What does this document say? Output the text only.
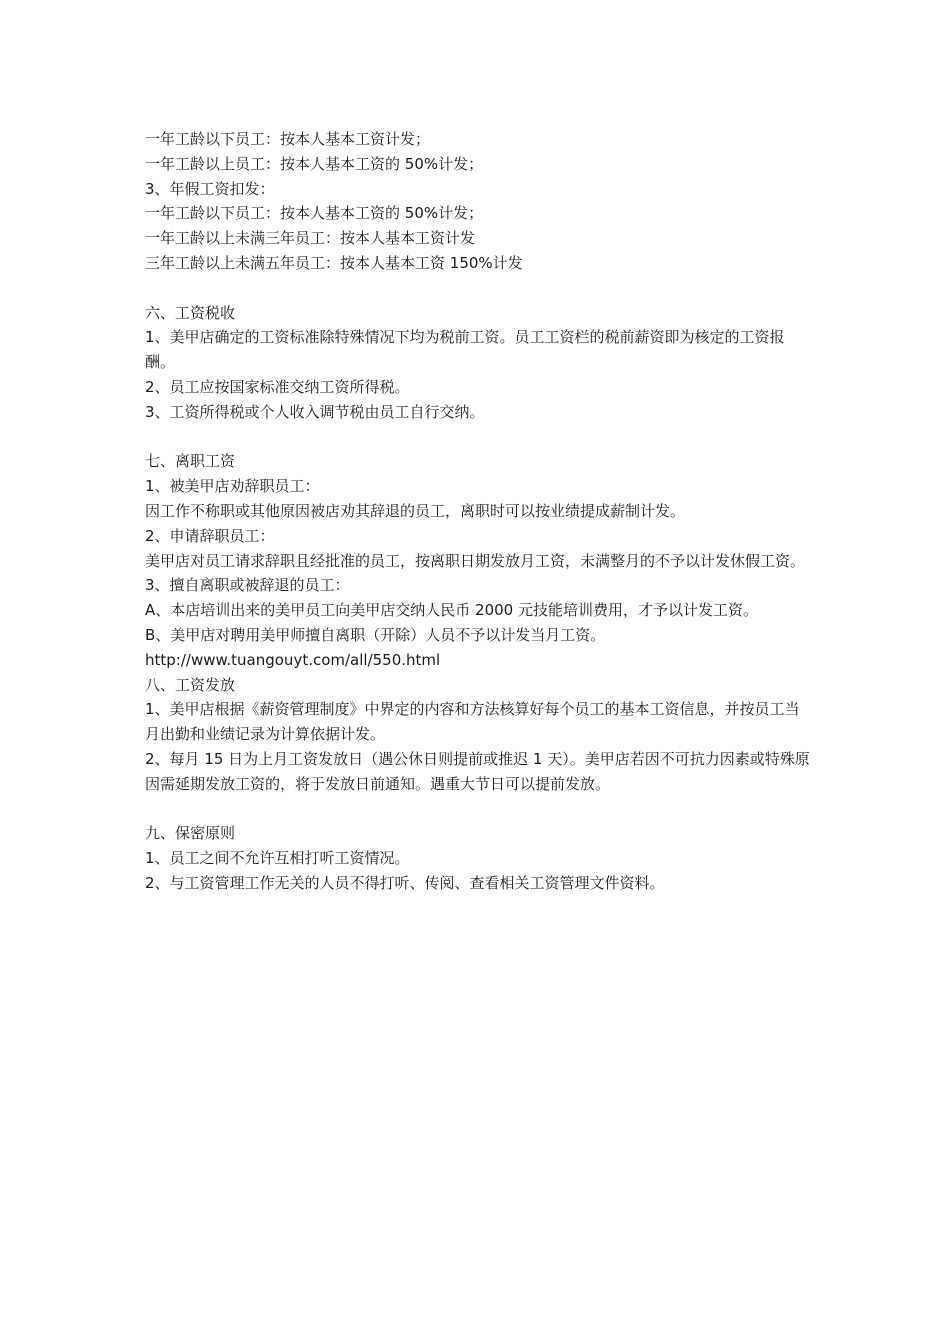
一年工龄以下员工：按本人基本工资计发；
一年工龄以上员工：按本人基本工资的 50%计发；
3、年假工资扣发：
一年工龄以下员工：按本人基本工资的 50%计发；
一年工龄以上未满三年员工：按本人基本工资计发
三年工龄以上未满五年员工：按本人基本工资 150%计发
六、工资税收
1、美甲店确定的工资标准除特殊情况下均为税前工资。员工工资栏的税前薪资即为核定的工资报酬。
2、员工应按国家标准交纳工资所得税。
3、工资所得税或个人收入调节税由员工自行交纳。
七、离职工资
1、被美甲店劝辞职员工：
因工作不称职或其他原因被店劝其辞退的员工，离职时可以按业绩提成薪制计发。
2、申请辞职员工：
美甲店对员工请求辞职且经批准的员工，按离职日期发放月工资，未满整月的不予以计发休假工资。
3、擅自离职或被辞退的员工：
A、本店培训出来的美甲员工向美甲店交纳人民币 2000 元技能培训费用，才予以计发工资。
B、美甲店对聘用美甲师擅自离职（开除）人员不予以计发当月工资。
http://www.tuangouyt.com/all/550.html
八、工资发放
1、美甲店根据《薪资管理制度》中界定的内容和方法核算好每个员工的基本工资信息，并按员工当月出勤和业绩记录为计算依据计发。
2、每月 15 日为上月工资发放日（遇公休日则提前或推迟 1 天）。美甲店若因不可抗力因素或特殊原因需延期发放工资的，将于发放日前通知。遇重大节日可以提前发放。
九、保密原则
1、员工之间不允许互相打听工资情况。
2、与工资管理工作无关的人员不得打听、传阅、查看相关工资管理文件资料。
